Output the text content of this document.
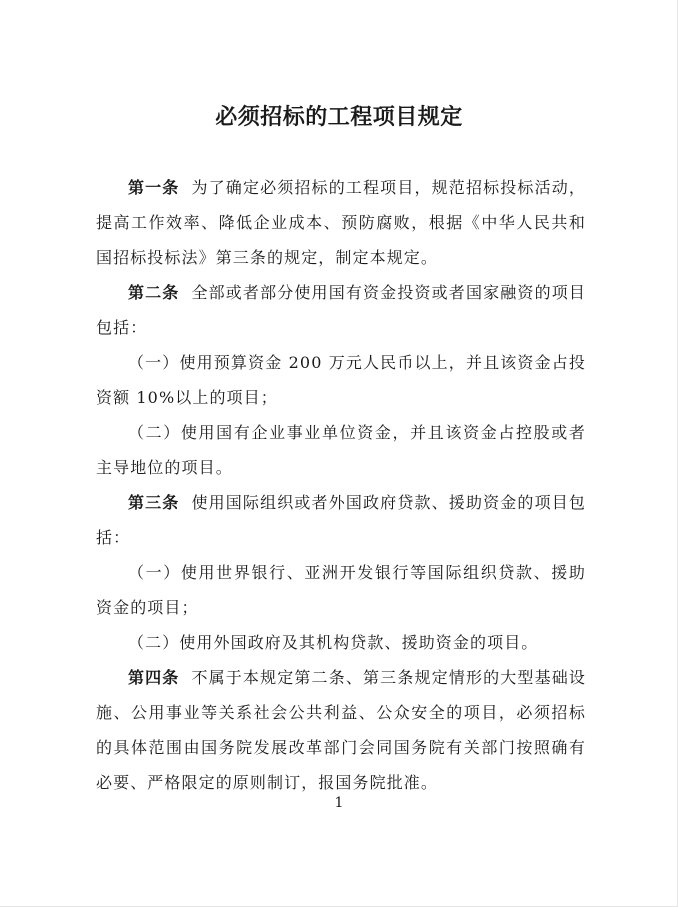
必须招标的工程项目规定

第一条 为了确定必须招标的工程项目，规范招标投标活动，提高工作效率、降低企业成本、预防腐败，根据《中华人民共和国招标投标法》第三条的规定，制定本规定。

第二条 全部或者部分使用国有资金投资或者国家融资的项目包括：

（一）使用预算资金 200 万元人民币以上，并且该资金占投资额 10%以上的项目；

（二）使用国有企业事业单位资金，并且该资金占控股或者主导地位的项目。

第三条 使用国际组织或者外国政府贷款、援助资金的项目包括：

（一）使用世界银行、亚洲开发银行等国际组织贷款、援助资金的项目；

（二）使用外国政府及其机构贷款、援助资金的项目。

第四条 不属于本规定第二条、第三条规定情形的大型基础设施、公用事业等关系社会公共利益、公众安全的项目，必须招标的具体范围由国务院发展改革部门会同国务院有关部门按照确有必要、严格限定的原则制订，报国务院批准。

1
